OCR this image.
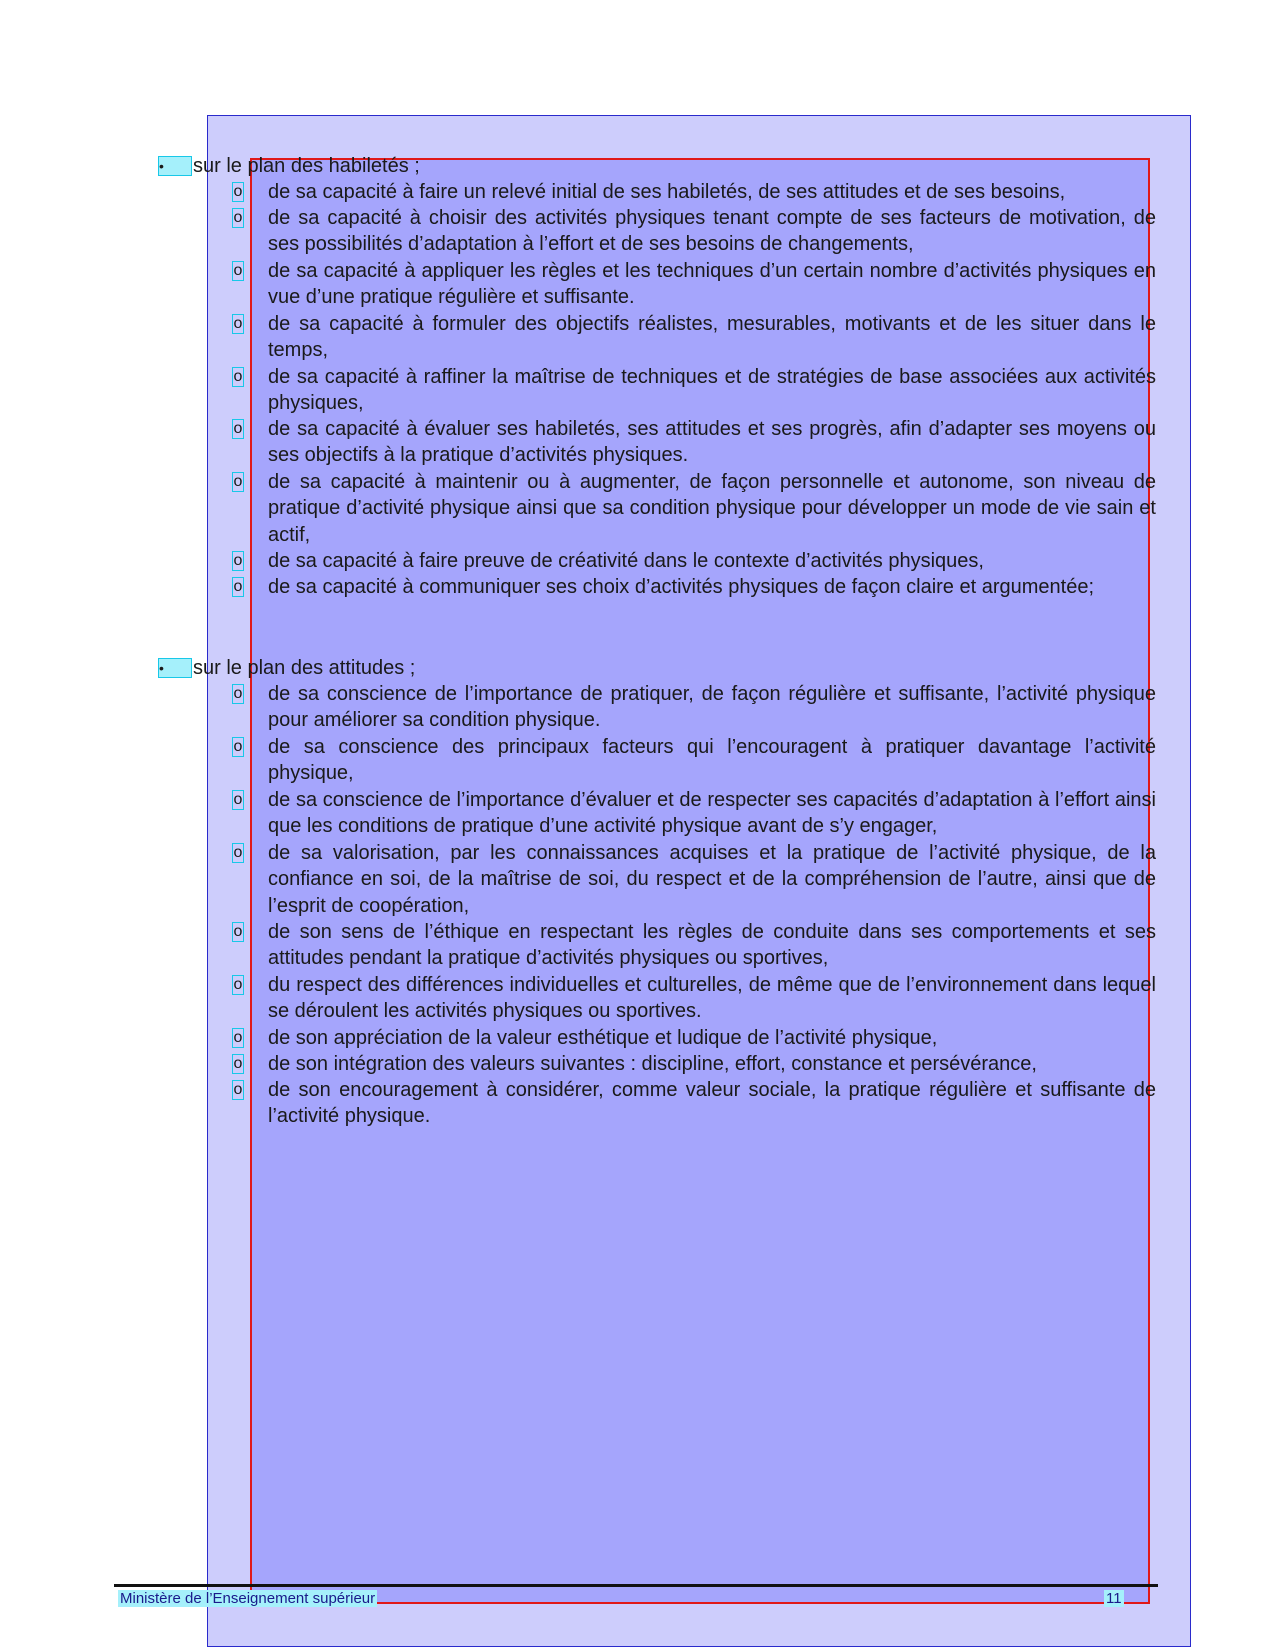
•
sur le plan des habiletés ;
o de sa capacité à faire un relevé initial de ses habiletés, de ses attitudes et de ses besoins,
o de sa capacité à choisir des activités physiques tenant compte de ses facteurs de motivation, de ses possibilités d’adaptation à l’effort et de ses besoins de changements,
o de sa capacité à appliquer les règles et les techniques d’un certain nombre d’activités physiques en vue d’une pratique régulière et suffisante.
o de sa capacité à formuler des objectifs réalistes, mesurables, motivants et de les situer dans le temps,
o de sa capacité à raffiner la maîtrise de techniques et de stratégies de base associées aux activités physiques,
o de sa capacité à évaluer ses habiletés, ses attitudes et ses progrès, afin d’adapter ses moyens ou ses objectifs à la pratique d’activités physiques.
o de sa capacité à maintenir ou à augmenter, de façon personnelle et autonome, son niveau de pratique d’activité physique ainsi que sa condition physique pour développer un mode de vie sain et actif,
o de sa capacité à faire preuve de créativité dans le contexte d’activités physiques,
o de sa capacité à communiquer ses choix d’activités physiques de façon claire et argumentée;
•
sur le plan des attitudes ;
o de sa conscience de l’importance de pratiquer, de façon régulière et suffisante, l’activité physique pour améliorer sa condition physique.
o de sa conscience des principaux facteurs qui l’encouragent à pratiquer davantage l’activité physique,
o de sa conscience de l’importance d’évaluer et de respecter ses capacités d’adaptation à l’effort ainsi que les conditions de pratique d’une activité physique avant de s’y engager,
o de sa valorisation, par les connaissances acquises et la pratique de l’activité physique, de la confiance en soi, de la maîtrise de soi, du respect et de la compréhension de l’autre, ainsi que de l’esprit de coopération,
o de son sens de l’éthique en respectant les règles de conduite dans ses comportements et ses attitudes pendant la pratique d’activités physiques ou sportives,
o du respect des différences individuelles et culturelles, de même que de l’environnement dans lequel se déroulent les activités physiques ou sportives.
o de son appréciation de la valeur esthétique et ludique de l’activité physique,
o de son intégration des valeurs suivantes : discipline, effort, constance et persévérance,
o de son encouragement à considérer, comme valeur sociale, la pratique régulière et suffisante de l’activité physique.
Ministère de l’Enseignement supérieur	11
